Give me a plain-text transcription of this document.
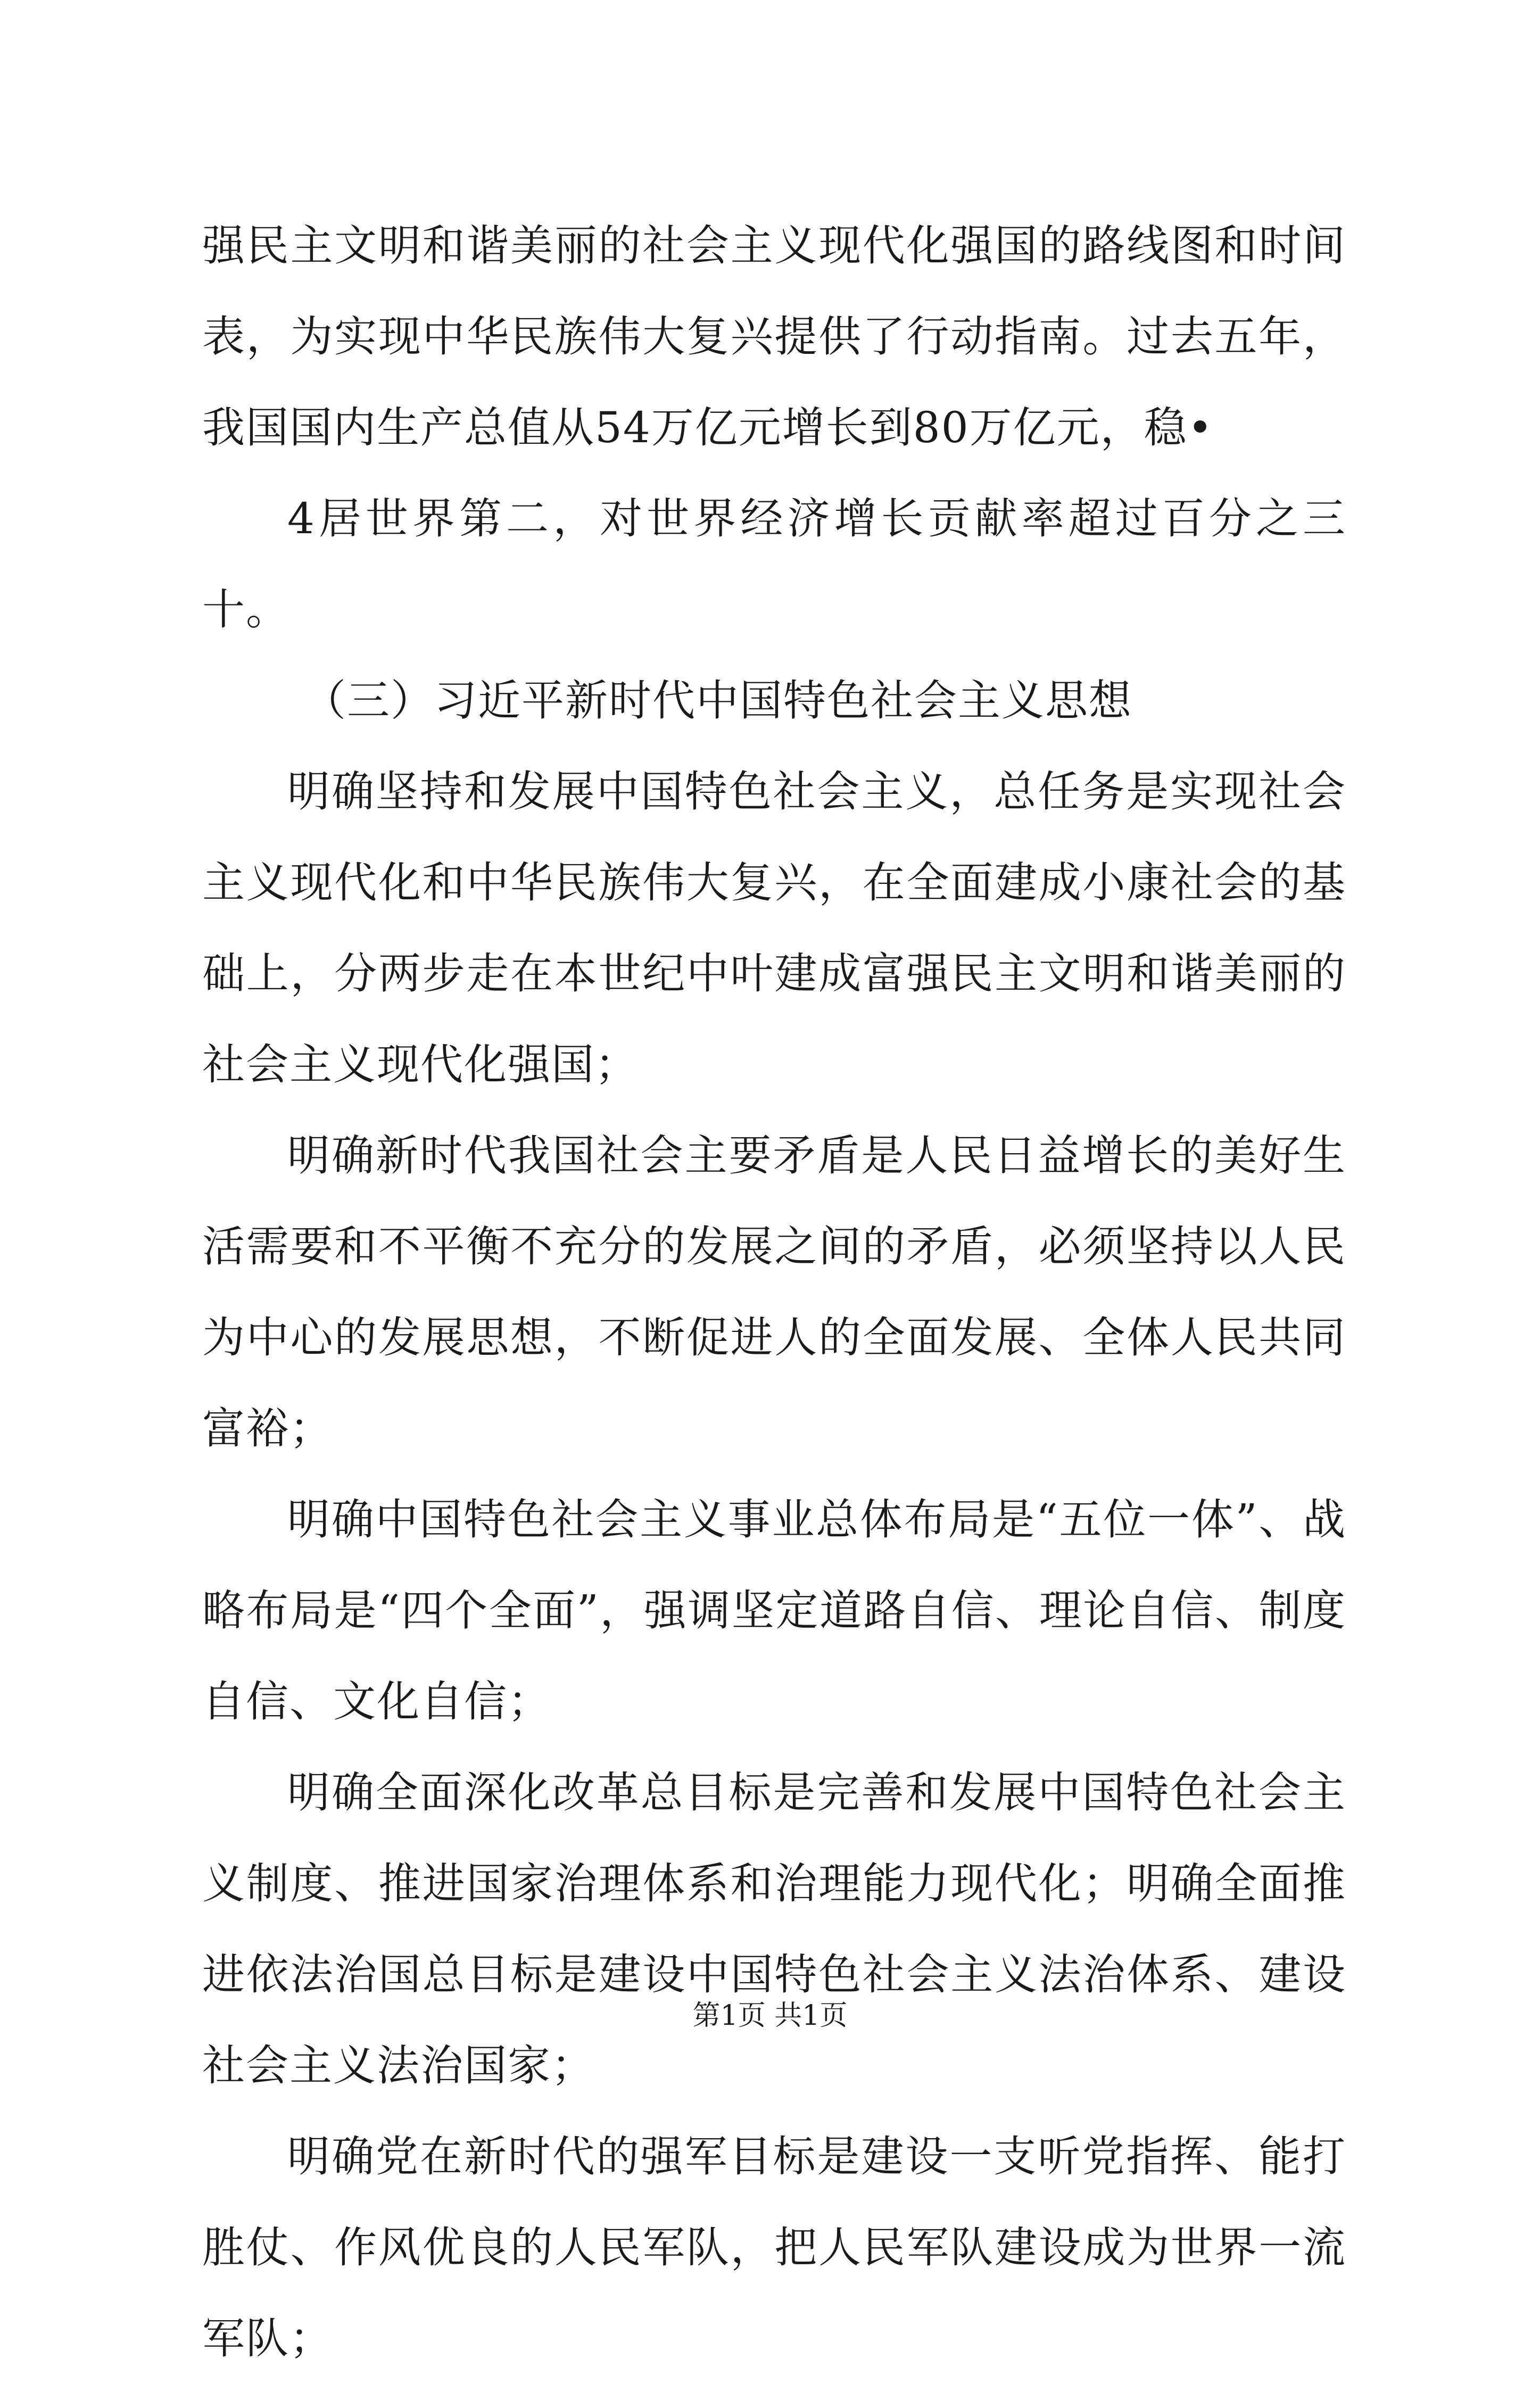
强民主文明和谐美丽的社会主义现代化强国的路线图和时间表，为实现中华民族伟大复兴提供了行动指南。过去五年，我国国内生产总值从54万亿元增长到80万亿元，稳•

4居世界第二，对世界经济增长贡献率超过百分之三十。

（三）习近平新时代中国特色社会主义思想

明确坚持和发展中国特色社会主义，总任务是实现社会主义现代化和中华民族伟大复兴，在全面建成小康社会的基础上，分两步走在本世纪中叶建成富强民主文明和谐美丽的社会主义现代化强国；

明确新时代我国社会主要矛盾是人民日益增长的美好生活需要和不平衡不充分的发展之间的矛盾，必须坚持以人民为中心的发展思想，不断促进人的全面发展、全体人民共同富裕；

明确中国特色社会主义事业总体布局是“五位一体”、战略布局是“四个全面”，强调坚定道路自信、理论自信、制度自信、文化自信；

明确全面深化改革总目标是完善和发展中国特色社会主义制度、推进国家治理体系和治理能力现代化；明确全面推进依法治国总目标是建设中国特色社会主义法治体系、建设社会主义法治国家；

明确党在新时代的强军目标是建设一支听党指挥、能打胜仗、作风优良的人民军队，把人民军队建设成为世界一流军队；

第1页 共1页
